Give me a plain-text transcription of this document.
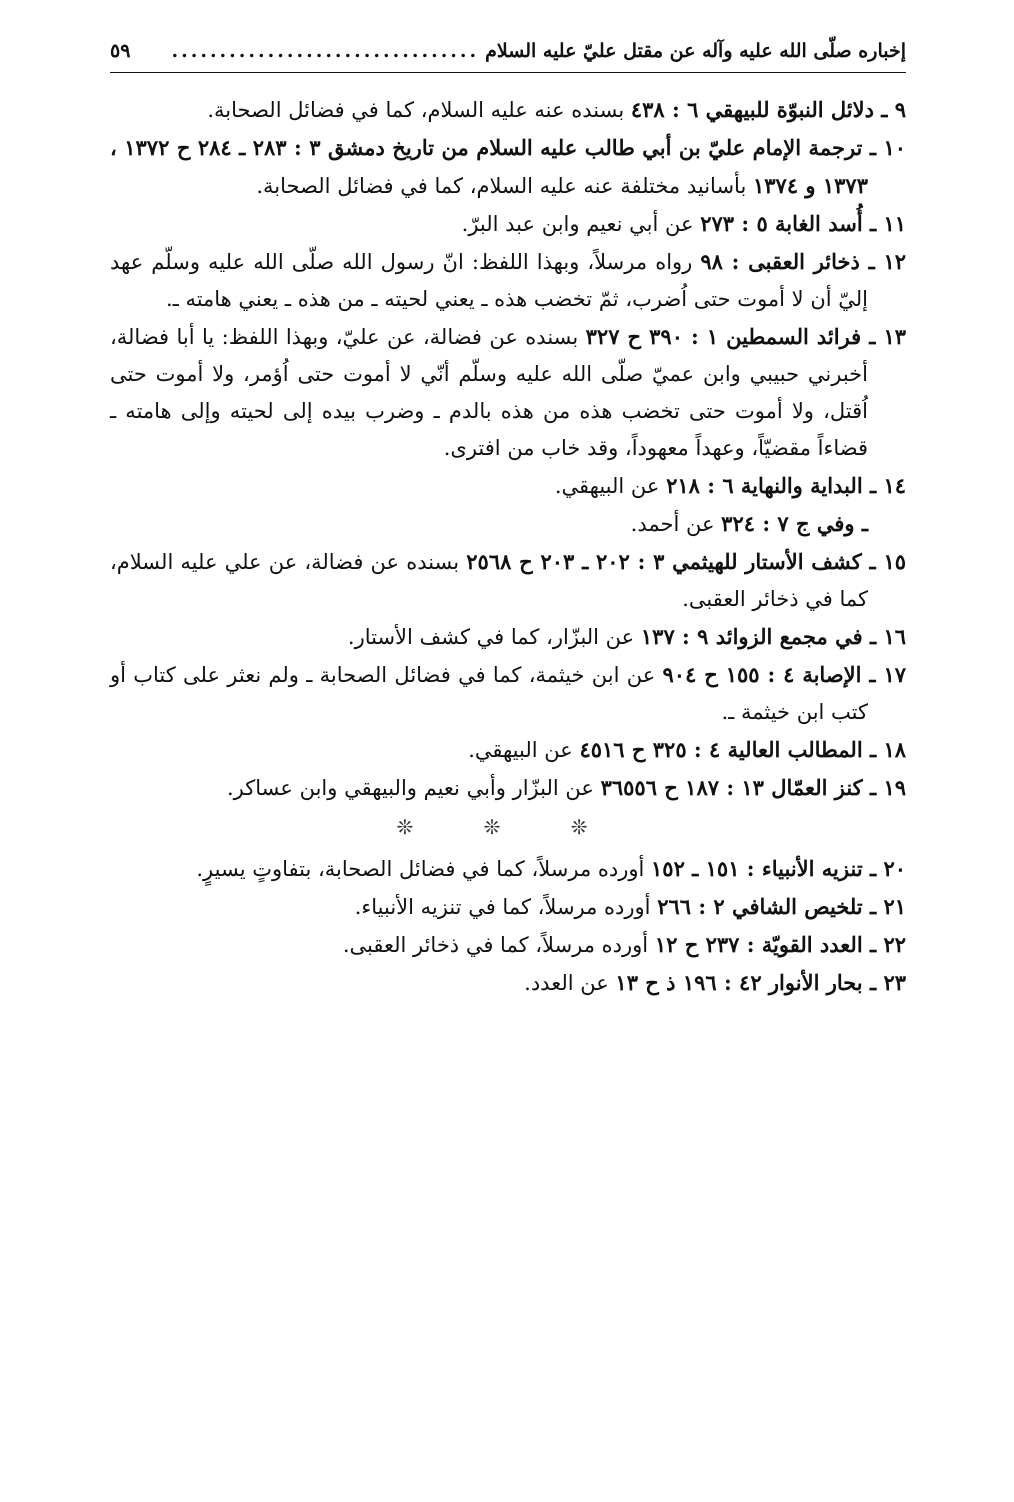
إخباره صلّى الله عليه وآله عن مقتل عليّ عليه السلام
................................
٥٩
٩ ـ دلائل النبوّة للبيهقي ٦ : ٤٣٨ بسنده عنه عليه السلام، كما في فضائل الصحابة.
١٠ ـ ترجمة الإمام عليّ بن أبي طالب عليه السلام من تاريخ دمشق ٣ : ٢٨٣ ـ ٢٨٤ ح ١٣٧٢ ، ١٣٧٣ و ١٣٧٤ بأسانيد مختلفة عنه عليه السلام، كما في فضائل الصحابة.
١١ ـ أُسد الغابة ٥ : ٢٧٣ عن أبي نعيم وابن عبد البرّ.
١٢ ـ ذخائر العقبى : ٩٨ رواه مرسلاً، وبهذا اللفظ: انّ رسول الله صلّى الله عليه وسلّم عهد إليّ أن لا أموت حتى اُضرب، ثمّ تخضب هذه ـ يعني لحيته ـ من هذه ـ يعني هامته ـ.
١٣ ـ فرائد السمطين ١ : ٣٩٠ ح ٣٢٧ بسنده عن فضالة، عن عليّ، وبهذا اللفظ: يا أبا فضالة، أخبرني حبيبي وابن عميّ صلّى الله عليه وسلّم أنّي لا أموت حتى اُؤمر، ولا أموت حتى اُقتل، ولا أموت حتى تخضب هذه من هذه بالدم ـ وضرب بيده إلى لحيته وإلى هامته ـ قضاءاً مقضيّاً، وعهداً معهوداً، وقد خاب من افترى.
١٤ ـ البداية والنهاية ٦ : ٢١٨ عن البيهقي.
ـ وفي ج ٧ : ٣٢٤ عن أحمد.
١٥ ـ كشف الأستار للهيثمي ٣ : ٢٠٢ ـ ٢٠٣ ح ٢٥٦٨ بسنده عن فضالة، عن علي عليه السلام، كما في ذخائر العقبى.
١٦ ـ في مجمع الزوائد ٩ : ١٣٧ عن البزّار، كما في كشف الأستار.
١٧ ـ الإصابة ٤ : ١٥٥ ح ٩٠٤ عن ابن خيثمة، كما في فضائل الصحابة ـ ولم نعثر على كتاب أو كتب ابن خيثمة ـ.
١٨ ـ المطالب العالية ٤ : ٣٢٥ ح ٤٥١٦ عن البيهقي.
١٩ ـ كنز العمّال ١٣ : ١٨٧ ح ٣٦٥٥٦ عن البزّار وأبي نعيم والبيهقي وابن عساكر.
❊ ❊ ❊
٢٠ ـ تنزيه الأنبياء : ١٥١ ـ ١٥٢ أورده مرسلاً، كما في فضائل الصحابة، بتفاوتٍ يسيرٍ.
٢١ ـ تلخيص الشافي ٢ : ٢٦٦ أورده مرسلاً، كما في تنزيه الأنبياء.
٢٢ ـ العدد القويّة : ٢٣٧ ح ١٢ أورده مرسلاً، كما في ذخائر العقبى.
٢٣ ـ بحار الأنوار ٤٢ : ١٩٦ ذ ح ١٣ عن العدد.
